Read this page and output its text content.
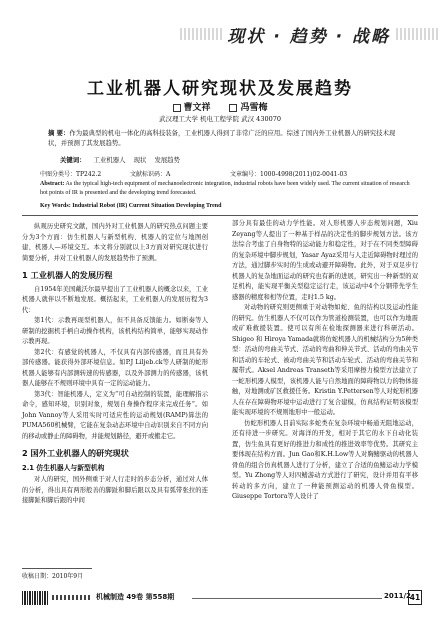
现状 · 趋势 · 战略
工业机器人研究现状及发展趋势
曹文祥	冯雪梅
武汉理工大学 机电工程学院 武汉 430070
摘 要：作为最典型的机电一体化的高科技装备，工业机器人得到了非常广泛的应用。综述了国内外工业机器人的研究技术现状，并预测了其发展趋势。
关键词： 工业机器人 现状 发展趋势
中图分类号：TP242.2	文献标识码：A	文章编号：1000-4998(2011)02-0041-03
Abstract: As the typical high-tech equipment of mechanoelectronic integration, industrial robots have been widely used. The current situation of research hot points of IR is presented and the developing trend forecasted.
Key Words: Industrial Robot (IR) Current Situation Developing Trend

纵观历史研究文献，国内外对工业机器人的研究热点问题主要分为3个方面：仿生机器人与新型机构、机器人的定位与地图创建、机器人—环境交互。本文将分别就以上3方面对研究现状进行简要分析，并对工业机器人的发展趋势作了预测。

1 工业机器人的发展历程

自1954年美国戴沃尔最早提出了工业机器人的概念以来，工业机器人就伴以不断地发展。概括起来，工业机器人的发展历程为3代：

第1代：示教再现型机器人，但不具备反馈能力。如断奏等人研制的挖掘机手柄自动操作机构，该机构结构简单，能够实现动作示教再现。

第2代：有感觉的机器人，不仅具有内部传感器，而且具有外部传感器。能获得外部环境信息。如P.J Liljeb.ck等人研制的蛇形机器人能够有内部测转速的传感器，以及外部测力的传感器，该机器人能够在不规则环境中具有一定的运动能力。

第3代：智能机器人，定义为“可自动控制的装置，能理解指示命令，感知环境，识别对象，规划自身操作程序来完成任务”。如John Vannoy等人采用实时可适应性的运动规划(RAMP)算法的PUMA560机械臂，它能在复杂动态环境中自动识别来自不同方向的移动或静止的障碍物，并能规划路径，避开或搬走它。

2 国外工业机器人的研究现状

2.1 仿生机器人与新型机构

对人的研究，国外侧重于对人行走时的步态分析，通过对人体的分析，得出具有两形般善的脚趾和脚后跟以及具有弧带张拉的连接脚趾和脚后跟的中间

部分具有最佳的动力学性能。对人形机器人步态规划问题，Xiu Zeyang等人提出了一种基于样品的决定性的脚步规划方法。该方法综合考虑了自身物特的运动能力和稳定性，对于在不同类型障碍的复杂环境中脚步规划，Yasar Ayaz采用与人走近障碍物时理过的方法，通过脚步实时的生成或动避开障碍物。此外，对于双足步行机器人的复杂地面运动的研究也有新的进展，研究出一种新型的双足机构，能实现平衡关型稳定运行走，该运动中4个分钢带先学生感器的精度和相等位置，走时1.5 kg。

对动物的研究则更侧重于对动物如蛇、鱼的结构以及运动性能的研究。仿生机器人不仅可以作为管道检测装置，也可以作为地震或矿难救援装置。使可以有所在检地探测器来进行科研活动。Shigeo 和 Hiroya Yamada就将仿蛇机器人的机械结构分为5种类型：活动的弯曲关节式、活动的弯曲和伸关节式、活动的弯曲关节和活动的车轮式、被动弯曲关节和活动车轮式、活动的弯曲关节和履带式。Aksel Andreas Transeth等采用摩擦力模型方法建立了一蛇形机器人模型，该机器人能与自然地面的障碍物以力的物体接触，对地测或矿区救援任务。Kristin Y.Pettersen等人对蛇形机器人在存在障碍物环境中运动进行了复合建模，仿真结构证明该模型能实现环境的不规则地形中一般运动。

仿蛇形机器人目前实际多蛇类在复杂环境中畅通无阻地运动，还有待进一步研究。对海洋的开发，相对于其它的水下自动化装置，仿生鱼具有更好的推进力和成性的推进效率等优势。其研究主要体现在结构方面。Jun Gao和K.H.Low等人对胸鳍驱动的机器人骨鱼的组合仿真机器人进行了分析，建立了合适的鱼鳍运动力学模型。Yu Zhong等人对四鳍游动方式进行了研究，设计并用有平移转动的多方向，建立了一种能预测运动的机器人骨鱼模型。Giuseppe Tortora等人设计了

收稿日期：2010年9月
机械制造 49卷 第558期	2011/2
41
